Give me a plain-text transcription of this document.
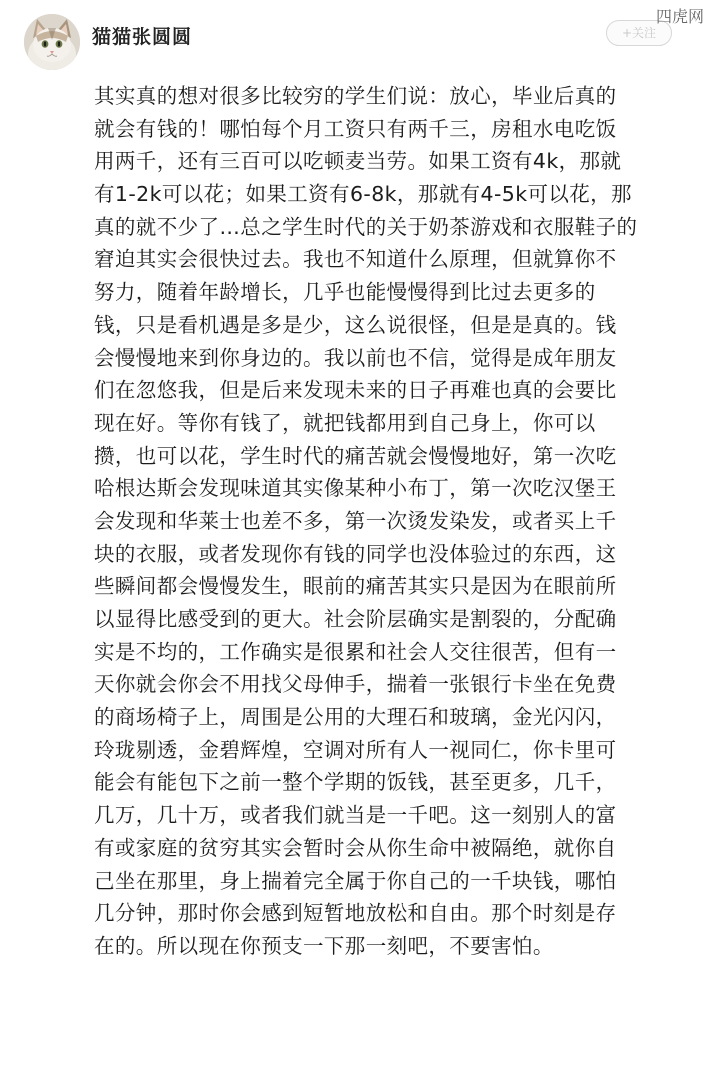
猫猫张圆圆	+关注
四虎网
其实真的想对很多比较穷的学生们说：放心，毕业后真的
就会有钱的！哪怕每个月工资只有两千三，房租水电吃饭
用两千，还有三百可以吃顿麦当劳。如果工资有4k，那就
有1-2k可以花；如果工资有6-8k，那就有4-5k可以花，那
真的就不少了…总之学生时代的关于奶茶游戏和衣服鞋子的
窘迫其实会很快过去。我也不知道什么原理，但就算你不
努力，随着年龄增长，几乎也能慢慢得到比过去更多的
钱，只是看机遇是多是少，这么说很怪，但是是真的。钱
会慢慢地来到你身边的。我以前也不信，觉得是成年朋友
们在忽悠我，但是后来发现未来的日子再难也真的会要比
现在好。等你有钱了，就把钱都用到自己身上，你可以
攒，也可以花，学生时代的痛苦就会慢慢地好，第一次吃
哈根达斯会发现味道其实像某种小布丁，第一次吃汉堡王
会发现和华莱士也差不多，第一次烫发染发，或者买上千
块的衣服，或者发现你有钱的同学也没体验过的东西，这
些瞬间都会慢慢发生，眼前的痛苦其实只是因为在眼前所
以显得比感受到的更大。社会阶层确实是割裂的，分配确
实是不均的，工作确实是很累和社会人交往很苦，但有一
天你就会你会不用找父母伸手，揣着一张银行卡坐在免费
的商场椅子上，周围是公用的大理石和玻璃，金光闪闪，
玲珑剔透，金碧辉煌，空调对所有人一视同仁，你卡里可
能会有能包下之前一整个学期的饭钱，甚至更多，几千，
几万，几十万，或者我们就当是一千吧。这一刻别人的富
有或家庭的贫穷其实会暂时会从你生命中被隔绝，就你自
己坐在那里，身上揣着完全属于你自己的一千块钱，哪怕
几分钟，那时你会感到短暂地放松和自由。那个时刻是存
在的。所以现在你预支一下那一刻吧，不要害怕。
